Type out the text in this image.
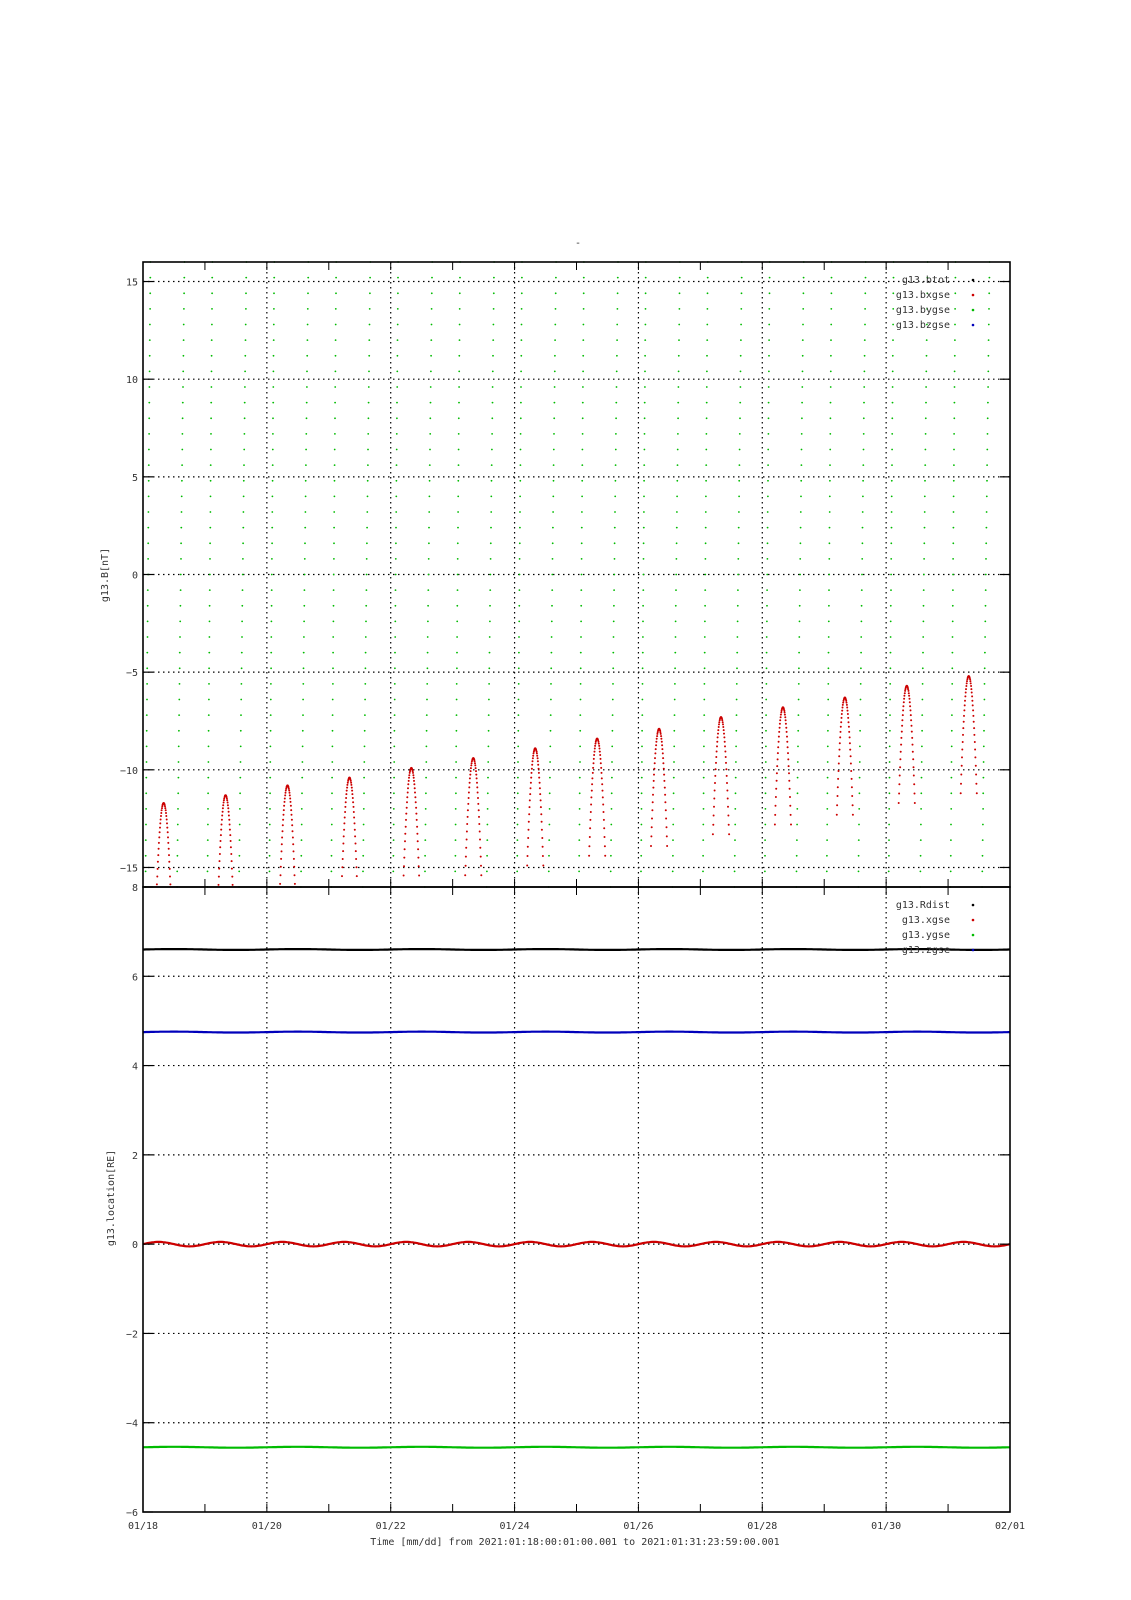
-
−15
−10
−5
0
5
10
15
g13.B[nT]
g13.btot
g13.bxgse
g13.bygse
g13.bzgse
−6
−4
−2
0
2
4
6
8
g13.location[RE]
g13.Rdist
g13.xgse
g13.ygse
g13.zgse
01/18	01/20	01/22	01/24	01/26	01/28	01/30	02/01
Time [mm/dd] from 2021:01:18:00:01:00.001 to 2021:01:31:23:59:00.001
